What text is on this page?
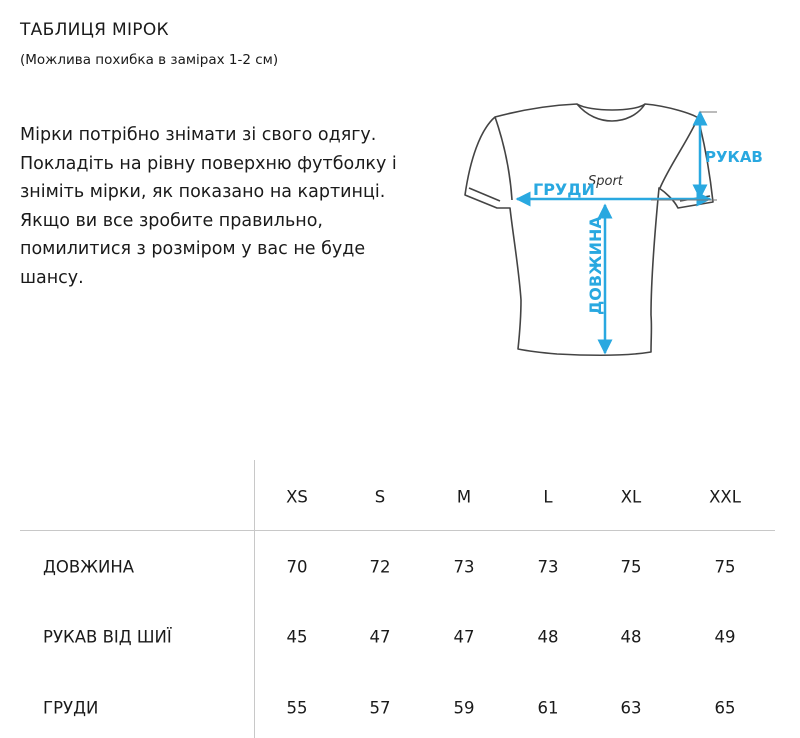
ТАБЛИЦЯ МІРОК
(Можлива похибка в замірах 1-2 см)
Мірки потрібно знімати зі свого одягу. Покладіть на рівну поверхню футболку і зніміть мірки, як показано на картинці. Якщо ви все зробите правильно, помилитися з розміром у вас не буде шансу.
Sport
РУКАВ
ГРУДИ
ДОВЖИНА
XS	S	M	L	XL	XXL
ДОВЖИНА	70	72	73	73	75	75
РУКАВ ВІД ШИЇ	45	47	47	48	48	49
ГРУДИ	55	57	59	61	63	65
